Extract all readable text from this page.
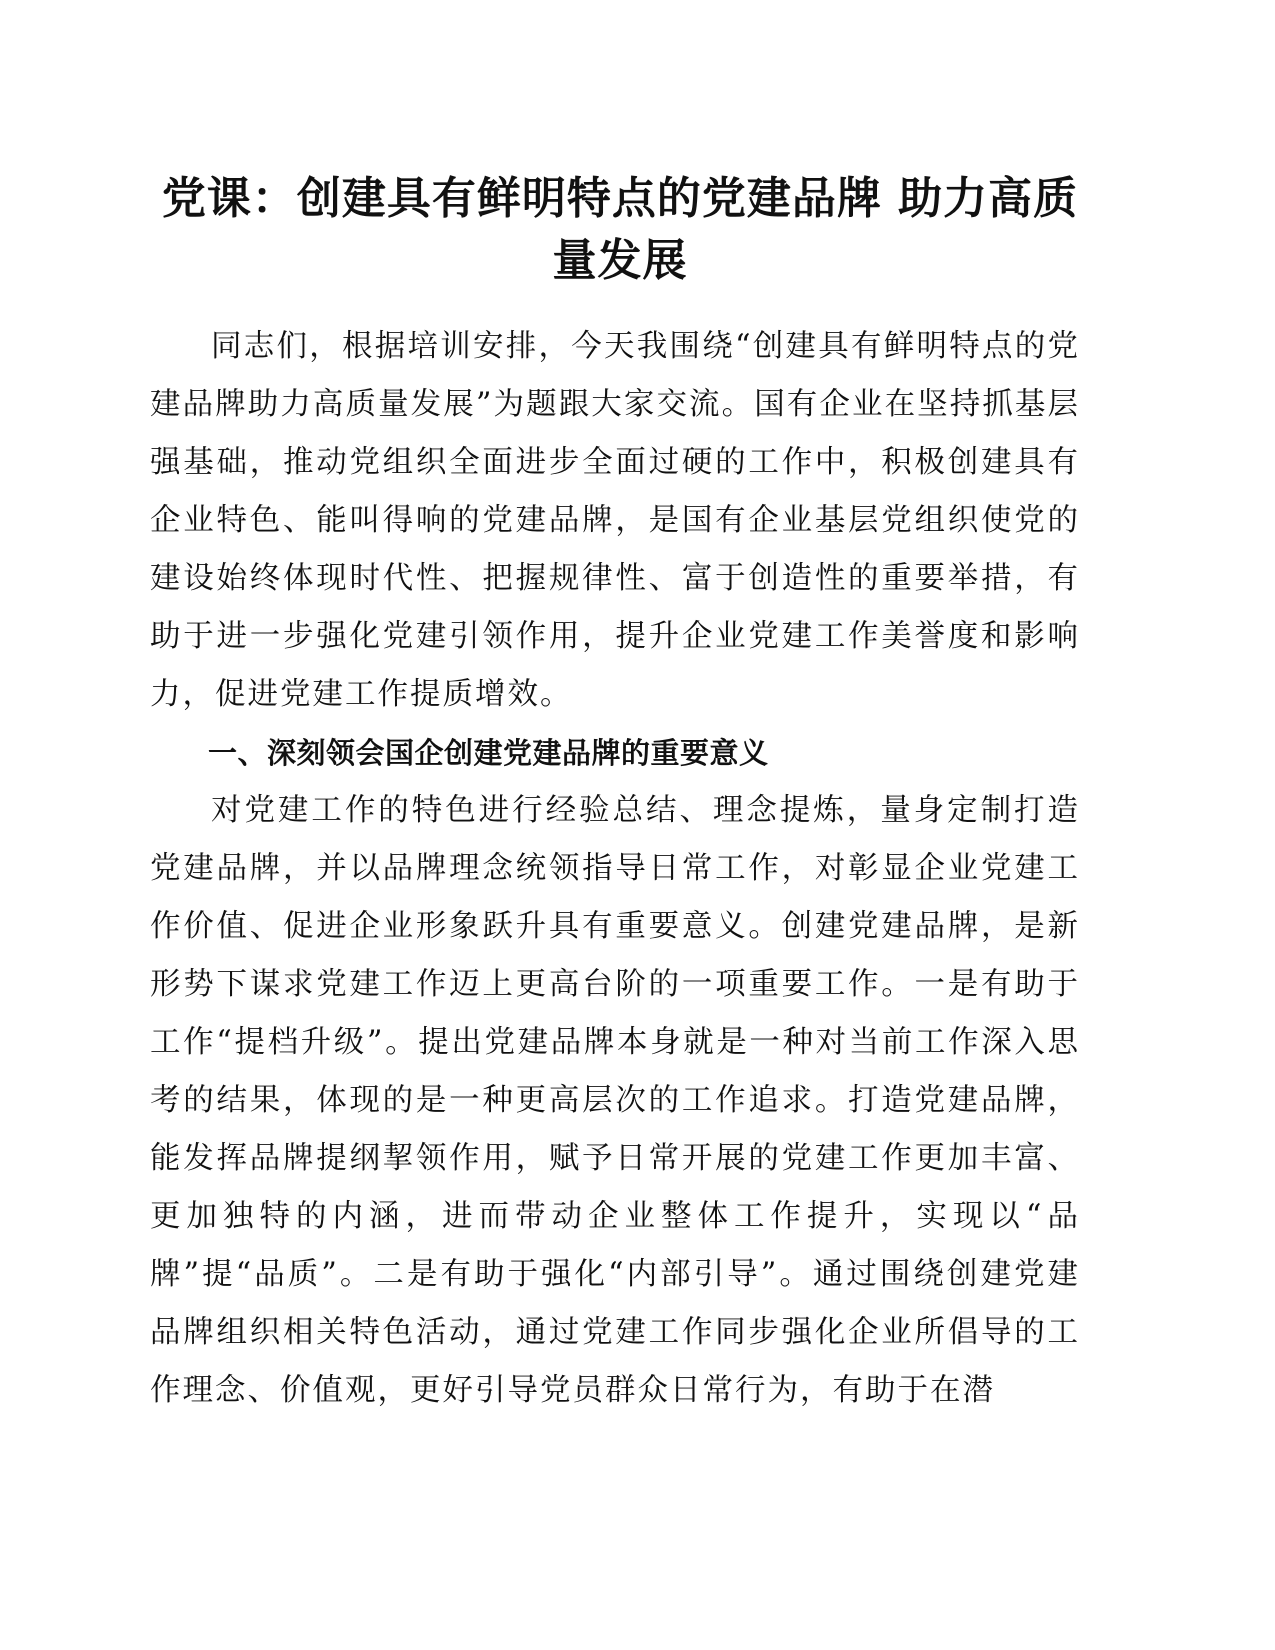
党课：创建具有鲜明特点的党建品牌 助力高质量发展

同志们，根据培训安排，今天我围绕“创建具有鲜明特点的党建品牌助力高质量发展”为题跟大家交流。国有企业在坚持抓基层强基础，推动党组织全面进步全面过硬的工作中，积极创建具有企业特色、能叫得响的党建品牌，是国有企业基层党组织使党的建设始终体现时代性、把握规律性、富于创造性的重要举措，有助于进一步强化党建引领作用，提升企业党建工作美誉度和影响力，促进党建工作提质增效。

一、深刻领会国企创建党建品牌的重要意义

对党建工作的特色进行经验总结、理念提炼，量身定制打造党建品牌，并以品牌理念统领指导日常工作，对彰显企业党建工作价值、促进企业形象跃升具有重要意义。创建党建品牌，是新形势下谋求党建工作迈上更高台阶的一项重要工作。一是有助于工作“提档升级”。提出党建品牌本身就是一种对当前工作深入思考的结果，体现的是一种更高层次的工作追求。打造党建品牌，能发挥品牌提纲挈领作用，赋予日常开展的党建工作更加丰富、更加独特的内涵，进而带动企业整体工作提升，实现以“品牌”提“品质”。二是有助于强化“内部引导”。通过围绕创建党建品牌组织相关特色活动，通过党建工作同步强化企业所倡导的工作理念、价值观，更好引导党员群众日常行为，有助于在潜
